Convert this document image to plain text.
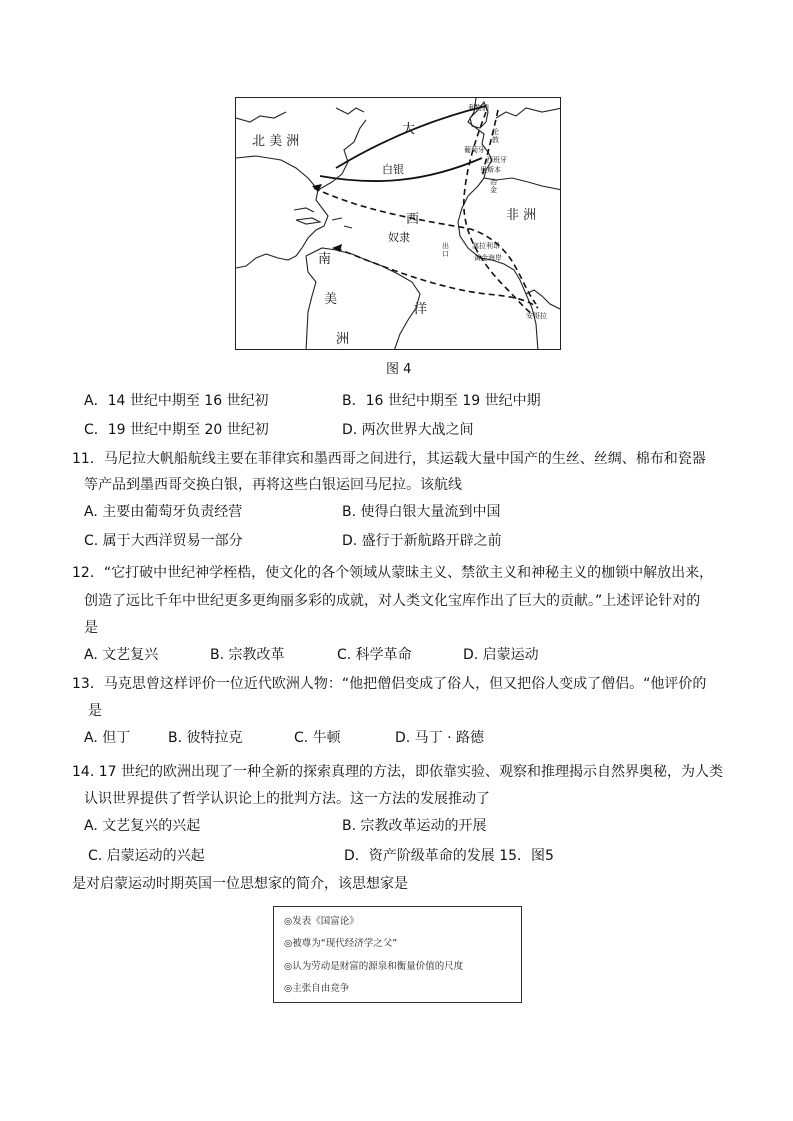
北 美 洲
大
西
洋
南
美
洲
非 洲
白银
奴隶
利物浦
伦
敦
葡萄牙
西班牙
里斯本
冶
金
塞拉利昂
黄金海岸
安哥拉
出
口
图 4
A．14 世纪中期至 16 世纪初	B．16 世纪中期至 19 世纪中期
C．19 世纪中期至 20 世纪初	D. 两次世界大战之间
11．马尼拉大帆船航线主要在菲律宾和墨西哥之间进行，其运载大量中国产的生丝、丝绸、棉布和瓷器
等产品到墨西哥交换白银，再将这些白银运回马尼拉。该航线
A. 主要由葡萄牙负责经营	B. 使得白银大量流到中国
C. 属于大西洋贸易一部分	D. 盛行于新航路开辟之前
12．“它打破中世纪神学桎梏，使文化的各个领域从蒙昧主义、禁欲主义和神秘主义的枷锁中解放出来，
创造了远比千年中世纪更多更绚丽多彩的成就，对人类文化宝库作出了巨大的贡献。”上述评论针对的
是
A. 文艺复兴	B. 宗教改革	C. 科学革命	D. 启蒙运动
13．马克思曾这样评价一位近代欧洲人物：“他把僧侣变成了俗人，但又把俗人变成了僧侣。“他评价的
是
A. 但丁	B. 彼特拉克	C. 牛顿	D. 马丁 · 路德
14. 17 世纪的欧洲出现了一种全新的探索真理的方法，即依靠实验、观察和推理揭示自然界奥秘，为人类
认识世界提供了哲学认识论上的批判方法。这一方法的发展推动了
A. 文艺复兴的兴起	B. 宗教改革运动的开展
C. 启蒙运动的兴起	D．资产阶级革命的发展 15．图5
是对启蒙运动时期英国一位思想家的简介，该思想家是
◎发表《国富论》
◎被尊为“现代经济学之父”
◎认为劳动是财富的源泉和衡量价值的尺度
◎主张自由竞争
